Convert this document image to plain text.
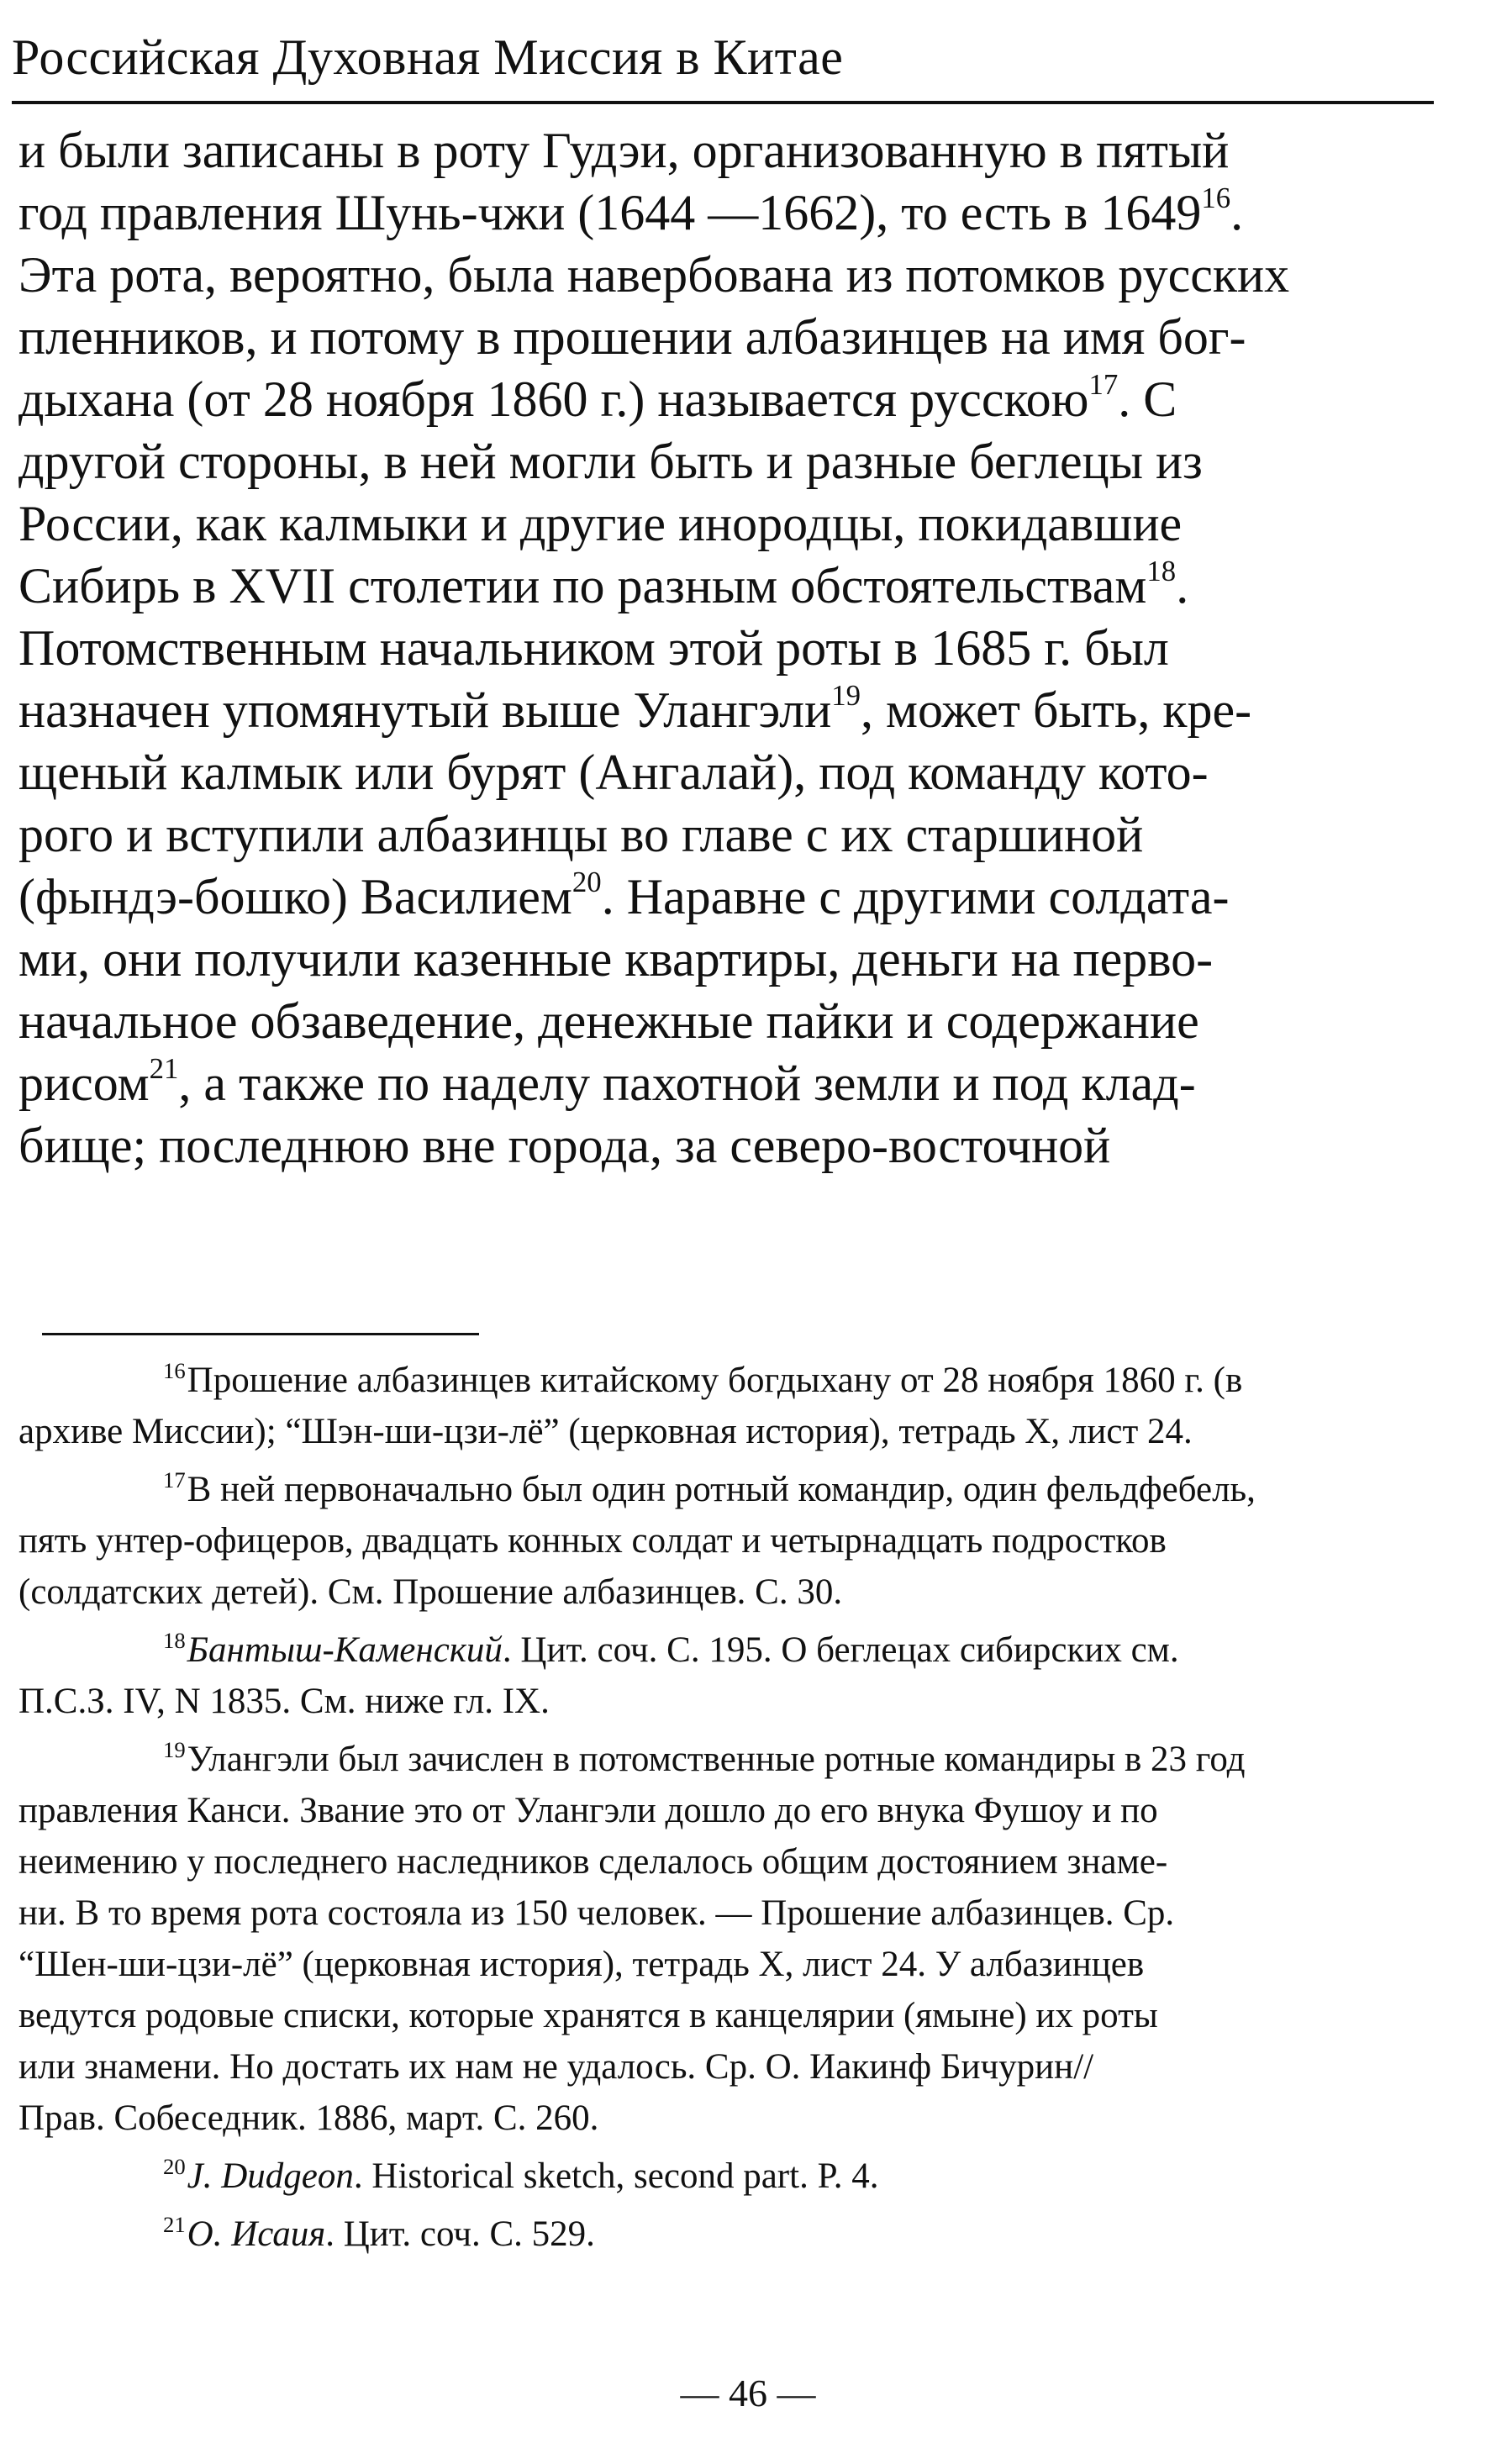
Российская Духовная Миссия в Китае
и были записаны в роту Гудэи, организованную в пятый
год правления Шунь-чжи (1644 —1662), то есть в 1649$^{16}$.
Эта рота, вероятно, была навербована из потомков русских
пленников, и потому в прошении албазинцев на имя бог-
дыхана (от 28 ноября 1860 г.) называется русскою$^{17}$. С
другой стороны, в ней могли быть и разные беглецы из
России, как калмыки и другие инородцы, покидавшие
Сибирь в XVII столетии по разным обстоятельствам$^{18}$.
Потомственным начальником этой роты в 1685 г. был
назначен упомянутый выше Улангэли$^{19}$, может быть, кре-
щеный калмык или бурят (Ангалай), под команду кото-
рого и вступили албазинцы во главе с их старшиной
(фындэ-бошко) Василием$^{20}$. Наравне с другими солдата-
ми, они получили казенные квартиры, деньги на перво-
начальное обзаведение, денежные пайки и содержание
рисом$^{21}$, а также по наделу пахотной земли и под клад-
бище; последнюю вне города, за северо-восточной
$^{16}$Прошение албазинцев китайскому богдыхану от 28 ноября 1860 г. (в
архиве Миссии); “Шэн-ши-цзи-лё” (церковная история), тетрадь X, лист 24.
$^{17}$В ней первоначально был один ротный командир, один фельдфебель,
пять унтер-офицеров, двадцать конных солдат и четырнадцать подростков
(солдатских детей). См. Прошение албазинцев. С. 30.
$^{18}$Бантыш-Каменский. Цит. соч. С. 195. О беглецах сибирских см.
П.С.З. IV, N 1835. См. ниже гл. IX.
$^{19}$Улангэли был зачислен в потомственные ротные командиры в 23 год
правления Канси. Звание это от Улангэли дошло до его внука Фушоу и по
неимению у последнего наследников сделалось общим достоянием знаме-
ни. В то время рота состояла из 150 человек. — Прошение албазинцев. Ср.
“Шен-ши-цзи-лё” (церковная история), тетрадь X, лист 24. У албазинцев
ведутся родовые списки, которые хранятся в канцелярии (ямыне) их роты
или знамени. Но достать их нам не удалось. Ср. О. Иакинф Бичурин//
Прав. Собеседник. 1886, март. С. 260.
$^{20}$J. Dudgeon. Historical sketch, second part. P. 4.
$^{21}$О. Исаия. Цит. соч. С. 529.
— 46 —
